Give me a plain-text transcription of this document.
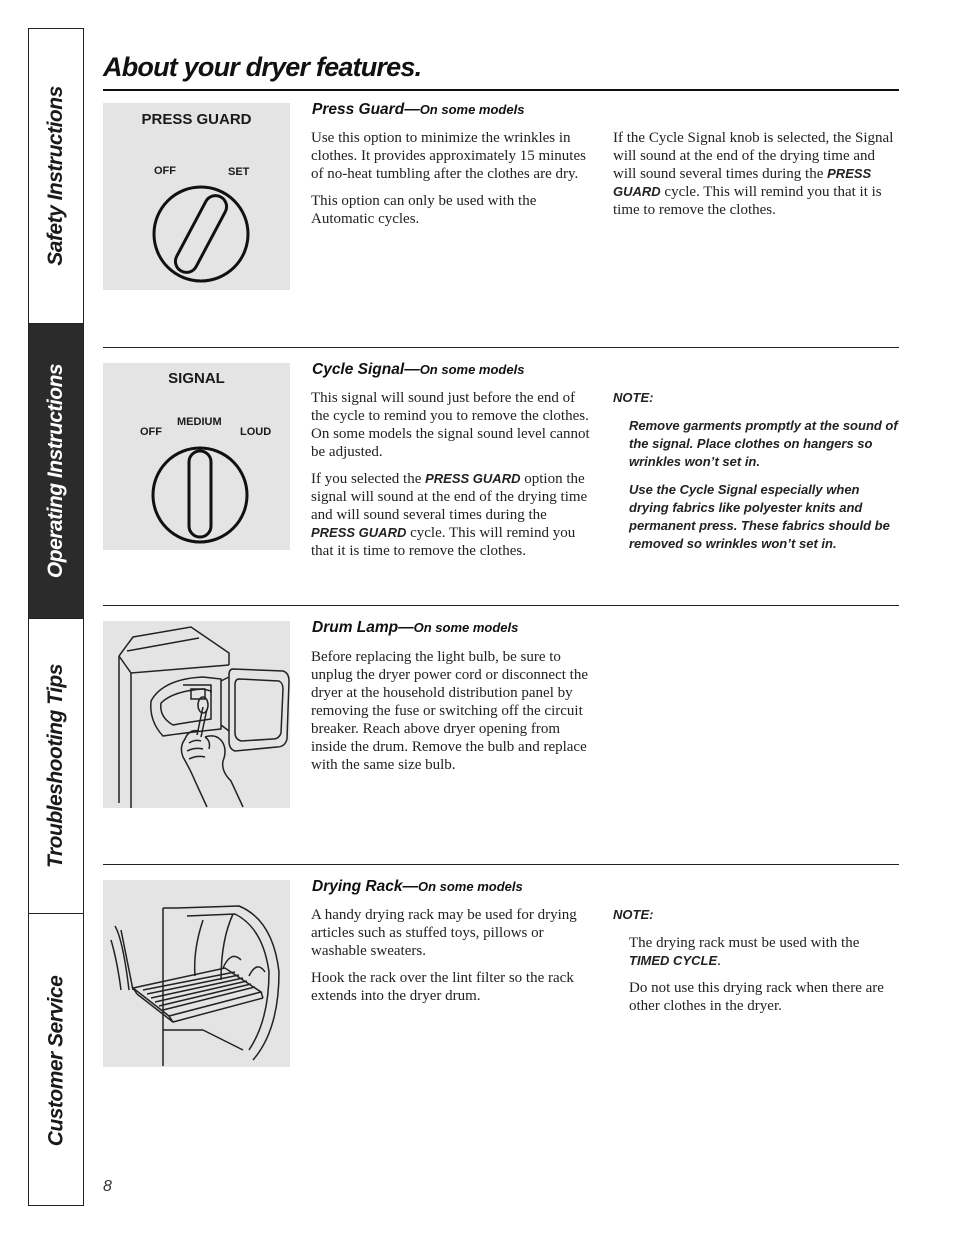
Safety Instructions
Operating Instructions
Troubleshooting Tips
Customer Service
About your dryer features.
PRESS GUARD
OFF	SET
Press Guard—On some models

Use this option to minimize the wrinkles in clothes. It provides approximately 15 minutes of no-heat tumbling after the clothes are dry.

This option can only be used with the Automatic cycles.

If the Cycle Signal knob is selected, the Signal will sound at the end of the drying time and will sound several times during the PRESS GUARD cycle. This will remind you that it is time to remove the clothes.

SIGNAL
MEDIUM
OFF	LOUD
Cycle Signal—On some models

This signal will sound just before the end of the cycle to remind you to remove the clothes. On some models the signal sound level cannot be adjusted.

If you selected the PRESS GUARD option the signal will sound at the end of the drying time and will sound several times during the PRESS GUARD cycle. This will remind you that it is time to remove the clothes.

NOTE:
Remove garments promptly at the sound of the signal. Place clothes on hangers so wrinkles won’t set in.
Use the Cycle Signal especially when drying fabrics like polyester knits and permanent press. These fabrics should be removed so wrinkles won’t set in.
Drum Lamp—On some models

Before replacing the light bulb, be sure to unplug the dryer power cord or disconnect the dryer at the household distribution panel by removing the fuse or switching off the circuit breaker. Reach above dryer opening from inside the drum. Remove the bulb and replace with the same size bulb.

Drying Rack—On some models

A handy drying rack may be used for drying articles such as stuffed toys, pillows or washable sweaters.

Hook the rack over the lint filter so the rack extends into the dryer drum.

NOTE:

The drying rack must be used with the TIMED CYCLE.

Do not use this drying rack when there are other clothes in the dryer.

8
